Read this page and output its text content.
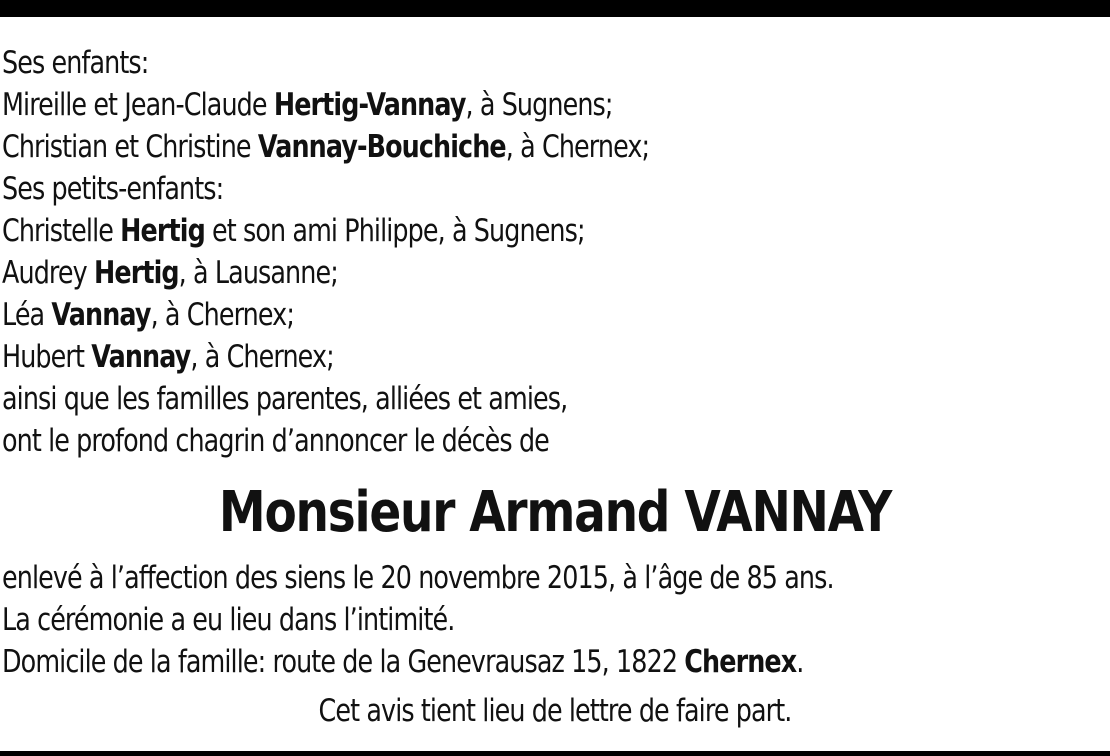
Ses enfants:
Mireille et Jean-Claude Hertig-Vannay, à Sugnens;
Christian et Christine Vannay-Bouchiche, à Chernex;
Ses petits-enfants:
Christelle Hertig et son ami Philippe, à Sugnens;
Audrey Hertig, à Lausanne;
Léa Vannay, à Chernex;
Hubert Vannay, à Chernex;
ainsi que les familles parentes, alliées et amies,
ont le profond chagrin d’annoncer le décès de
Monsieur Armand VANNAY
enlevé à l’affection des siens le 20 novembre 2015, à l’âge de 85 ans.
La cérémonie a eu lieu dans l’intimité.
Domicile de la famille: route de la Genevrausaz 15, 1822 Chernex.
Cet avis tient lieu de lettre de faire part.
